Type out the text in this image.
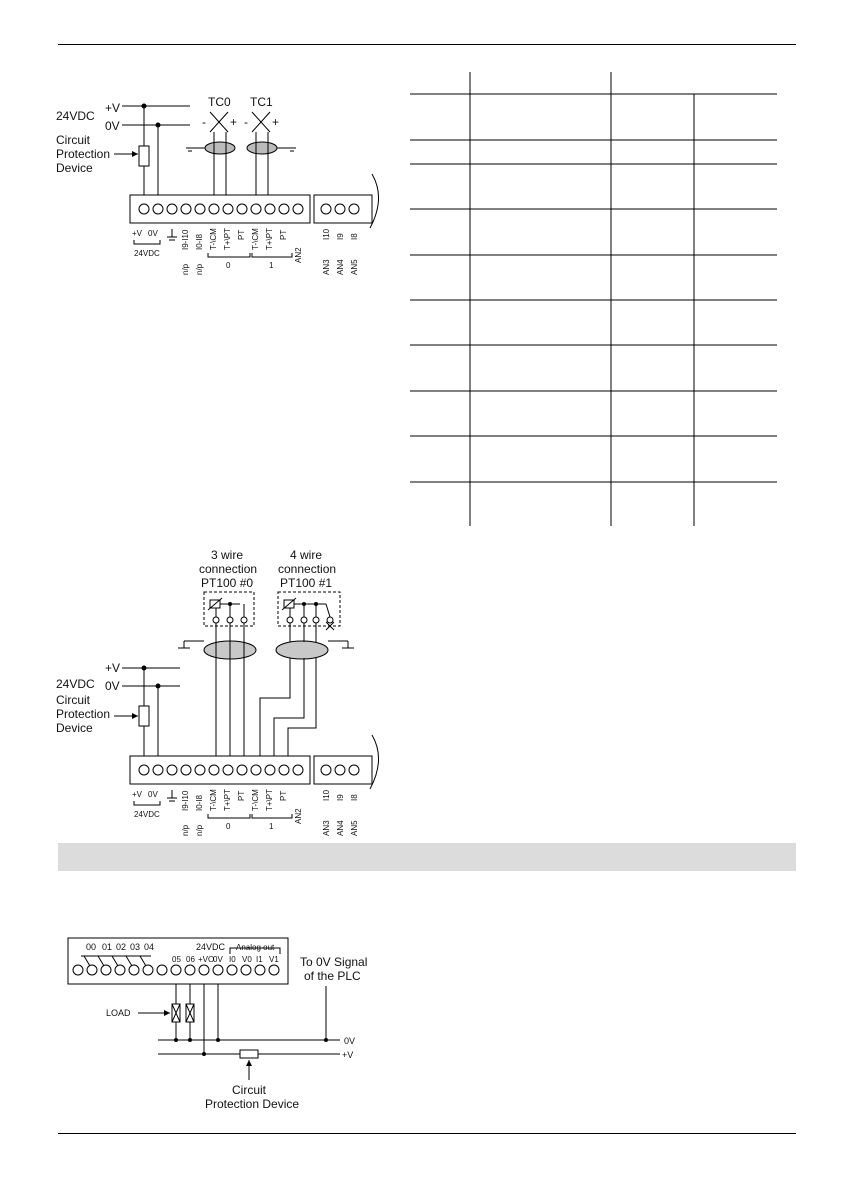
24VDC
+V
0V
Circuit
Protection
Device
TC0
- +
TC1
- +
+V 0V	I9-I10 I0-I8 T-\CM T+\PT PT T-\CM T+\PT PT
AN2
I10 I9 I8
n/p n/p	AN3 AN4 AN5
24VDC
0	1
3 wire
connection
PT100 #0
4 wire
connection
PT100 #1
24VDC
+V
0V
Circuit
Protection
Device
+V 0V	I9-I10 I0-I8 T-\CM T+\PT PT T-\CM T+\PT PT
AN2
I10 I9 I8
n/p n/p	AN3 AN4 AN5
24VDC
0	1
00 01 02 03 04	24VDC Analog out
05 06 +VO
0V I0 V0 I1 V1 To 0V Signal
of the PLC
LOAD
0V
+V
Circuit
Protection Device
